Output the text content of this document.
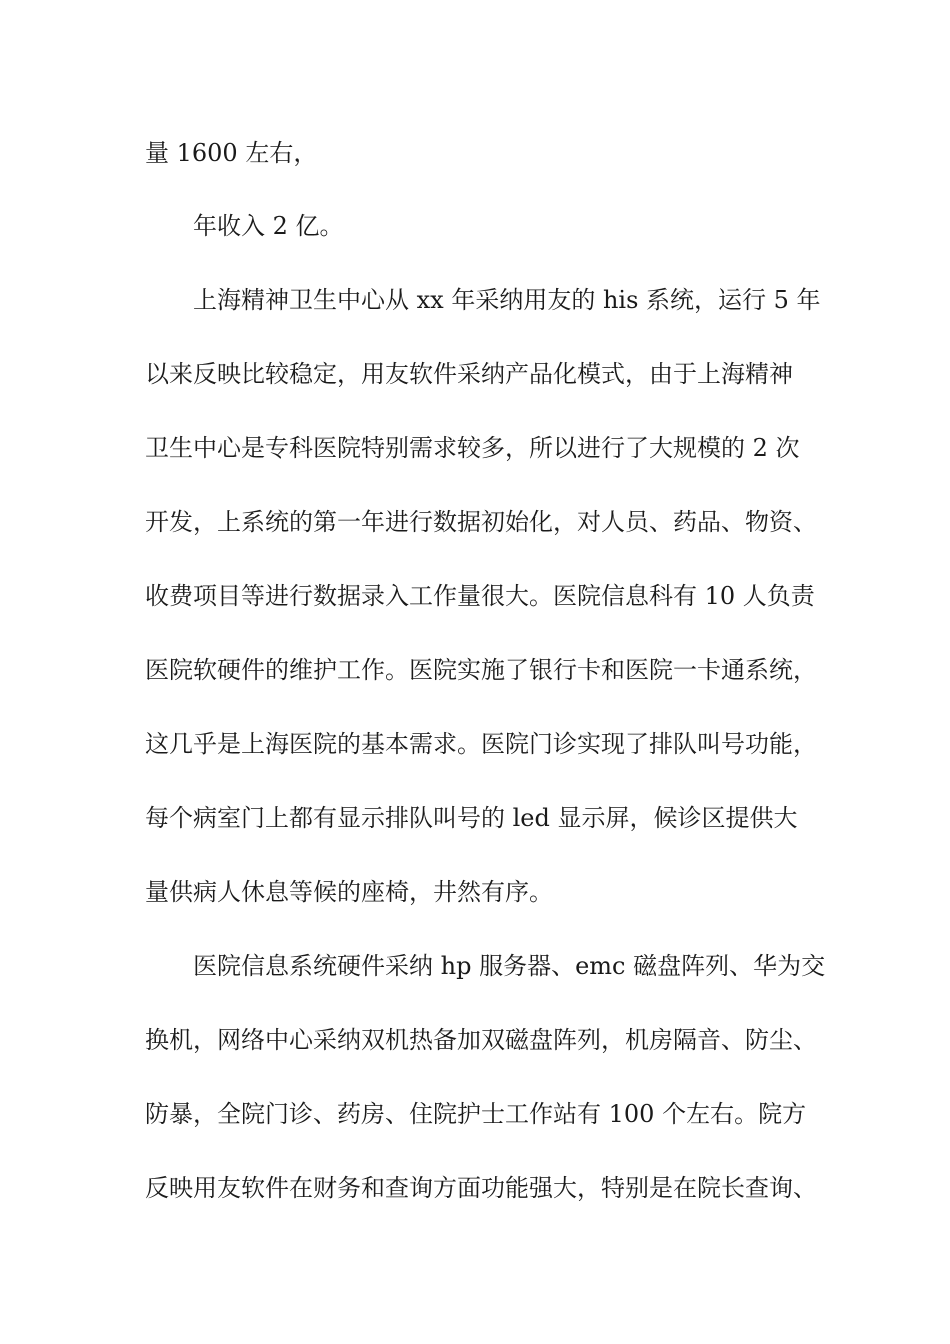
量 1600 左右，
年收入 2 亿。
上海精神卫生中心从 xx 年采纳用友的 his 系统，运行 5 年
以来反映比较稳定，用友软件采纳产品化模式，由于上海精神
卫生中心是专科医院特别需求较多，所以进行了大规模的 2 次
开发，上系统的第一年进行数据初始化，对人员、药品、物资、
收费项目等进行数据录入工作量很大。医院信息科有 10 人负责
医院软硬件的维护工作。医院实施了银行卡和医院一卡通系统，
这几乎是上海医院的基本需求。医院门诊实现了排队叫号功能，
每个病室门上都有显示排队叫号的 led 显示屏，候诊区提供大
量供病人休息等候的座椅，井然有序。
医院信息系统硬件采纳 hp 服务器、emc 磁盘阵列、华为交
换机，网络中心采纳双机热备加双磁盘阵列，机房隔音、防尘、
防暴，全院门诊、药房、住院护士工作站有 100 个左右。院方
反映用友软件在财务和查询方面功能强大，特别是在院长查询、
